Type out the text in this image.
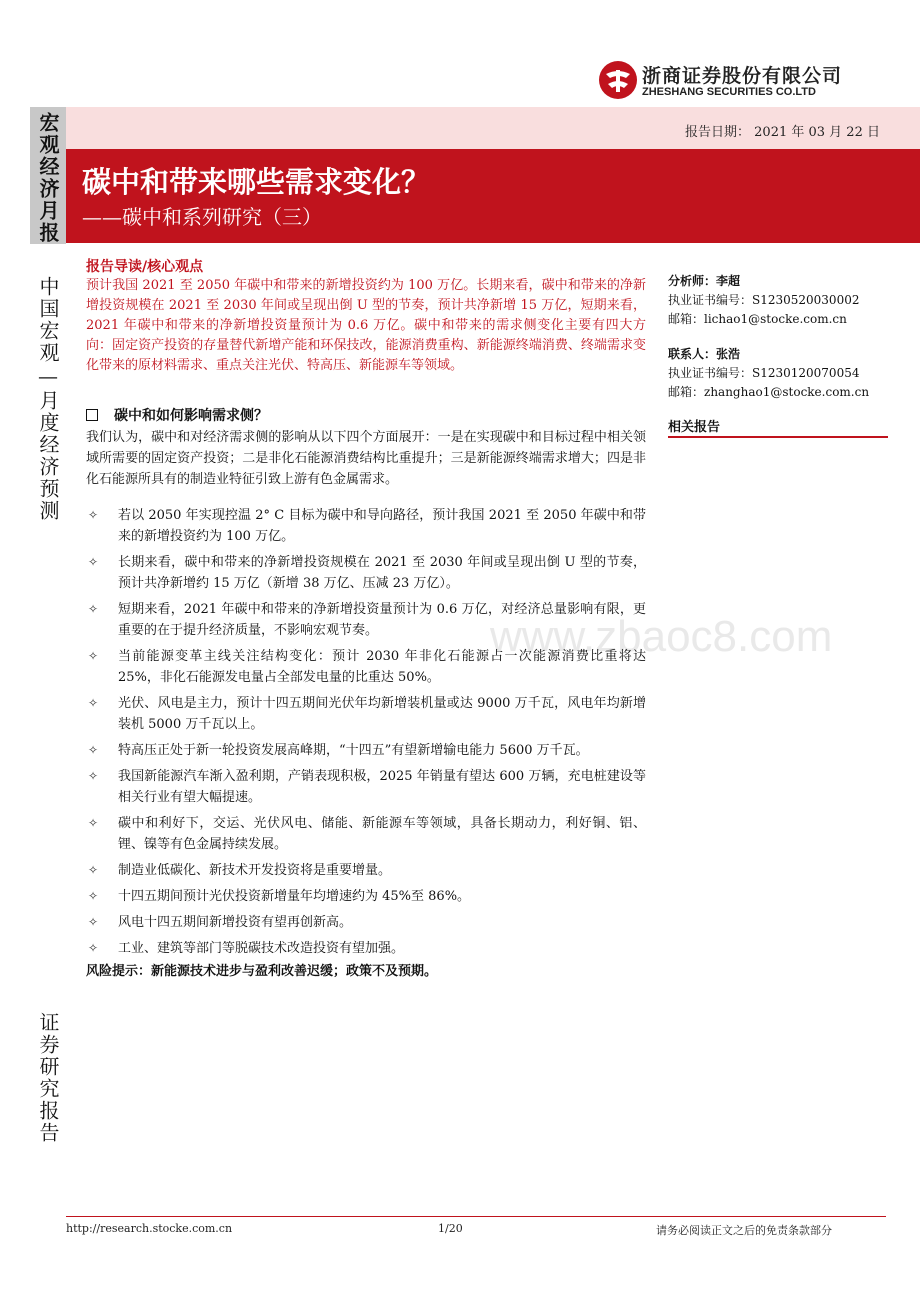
浙商证券股份有限公司
ZHESHANG SECURITIES CO.LTD
宏观经济月报
中国宏观—月度经济预测
证券研究报告
报告日期： 2021 年 03 月 22 日
碳中和带来哪些需求变化？
——碳中和系列研究（三）
www.zbaoc8.com
报告导读/核心观点
预计我国 2021 至 2050 年碳中和带来的新增投资约为 100 万亿。长期来看，碳中和带来的净新增投资规模在 2021 至 2030 年间或呈现出倒 U 型的节奏，预计共净新增 15 万亿，短期来看，2021 年碳中和带来的净新增投资量预计为 0.6 万亿。碳中和带来的需求侧变化主要有四大方向：固定资产投资的存量替代新增产能和环保技改，能源消费重构、新能源终端消费、终端需求变化带来的原材料需求、重点关注光伏、特高压、新能源车等领域。
碳中和如何影响需求侧？
我们认为，碳中和对经济需求侧的影响从以下四个方面展开：一是在实现碳中和目标过程中相关领域所需要的固定资产投资；二是非化石能源消费结构比重提升；三是新能源终端需求增大；四是非化石能源所具有的制造业特征引致上游有色金属需求。
✧ 若以 2050 年实现控温 2° C 目标为碳中和导向路径，预计我国 2021 至 2050 年碳中和带来的新增投资约为 100 万亿。
✧ 长期来看，碳中和带来的净新增投资规模在 2021 至 2030 年间或呈现出倒 U 型的节奏，预计共净新增约 15 万亿（新增 38 万亿、压减 23 万亿）。
✧ 短期来看，2021 年碳中和带来的净新增投资量预计为 0.6 万亿，对经济总量影响有限，更重要的在于提升经济质量，不影响宏观节奏。
✧ 当前能源变革主线关注结构变化：预计 2030 年非化石能源占一次能源消费比重将达 25%，非化石能源发电量占全部发电量的比重达 50%。
✧ 光伏、风电是主力，预计十四五期间光伏年均新增装机量或达 9000 万千瓦，风电年均新增装机 5000 万千瓦以上。
✧ 特高压正处于新一轮投资发展高峰期，“十四五”有望新增输电能力 5600 万千瓦。
✧ 我国新能源汽车渐入盈利期，产销表现积极，2025 年销量有望达 600 万辆，充电桩建设等相关行业有望大幅提速。
✧ 碳中和利好下，交运、光伏风电、储能、新能源车等领域，具备长期动力，利好铜、铝、锂、镍等有色金属持续发展。
✧ 制造业低碳化、新技术开发投资将是重要增量。
✧ 十四五期间预计光伏投资新增量年均增速约为 45%至 86%。
✧ 风电十四五期间新增投资有望再创新高。
✧ 工业、建筑等部门等脱碳技术改造投资有望加强。
风险提示：新能源技术进步与盈利改善迟缓；政策不及预期。
分析师：李超
执业证书编号：S1230520030002
邮箱：lichao1@stocke.com.cn
联系人：张浩
执业证书编号：S1230120070054
邮箱：zhanghao1@stocke.com.cn
相关报告
http://research.stocke.com.cn	1/20	请务必阅读正文之后的免责条款部分
